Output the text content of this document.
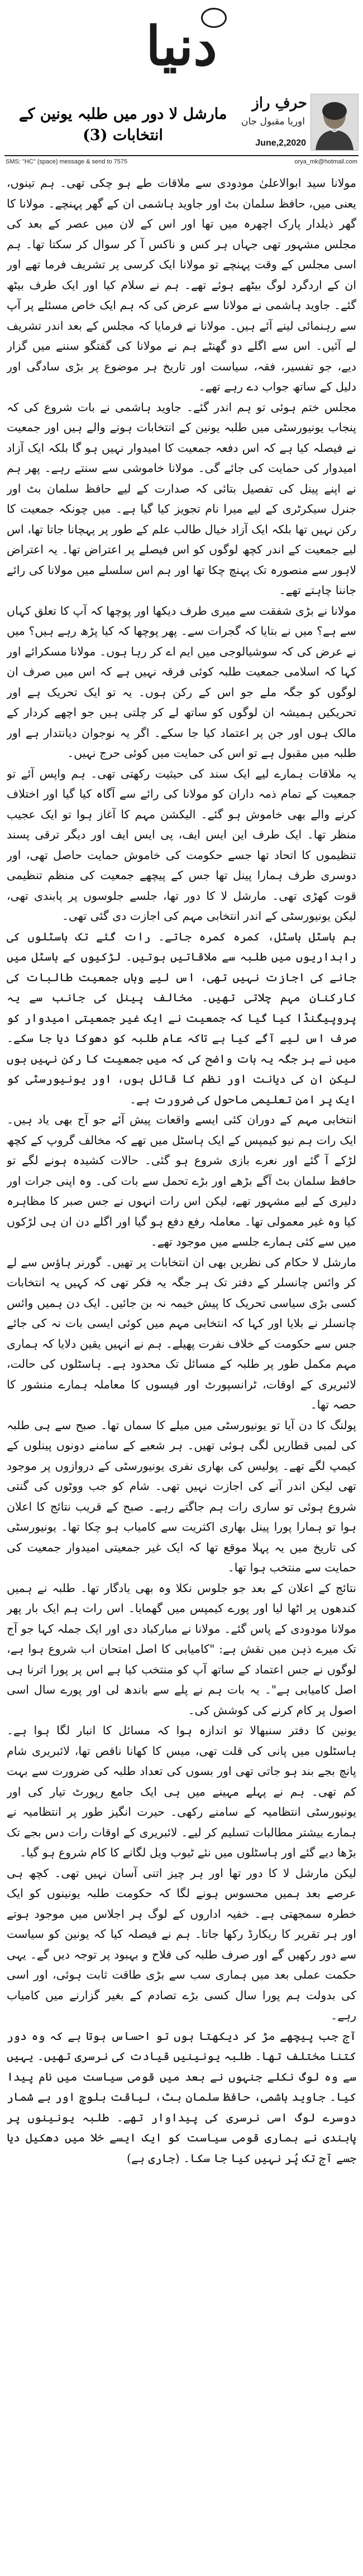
دنیا
حرفِ راز
اوریا مقبول جان
مارشل لا دور میں طلبہ یونین کے انتخابات (3)	June,2,2020
SMS: "HC" (space) message & send to 7575	orya_mk@hotmail.com

مولانا سید ابوالاعلیٰ مودودی سے ملاقات طے ہو چکی تھی۔ ہم تینوں، یعنی میں، حافظ سلمان بٹ اور جاوید ہاشمی ان کے گھر پہنچے۔ مولانا کا گھر ذیلدار پارک اچھرہ میں تھا اور اس کے لان میں عصر کے بعد کی مجلس مشہور تھی جہاں ہر کس و ناکس آ کر سوال کر سکتا تھا۔ ہم اسی مجلس کے وقت پہنچے تو مولانا ایک کرسی پر تشریف فرما تھے اور ان کے اردگرد لوگ بیٹھے ہوئے تھے۔ ہم نے سلام کیا اور ایک طرف بیٹھ گئے۔ جاوید ہاشمی نے مولانا سے عرض کی کہ ہم ایک خاص مسئلے پر آپ سے رہنمائی لینے آئے ہیں۔ مولانا نے فرمایا کہ مجلس کے بعد اندر تشریف لے آئیں۔ اس سے اگلے دو گھنٹے ہم نے مولانا کی گفتگو سننے میں گزار دیے، جو تفسیر، فقہ، سیاست اور تاریخ ہر موضوع پر بڑی سادگی اور دلیل کے ساتھ جواب دے رہے تھے۔

مجلس ختم ہوئی تو ہم اندر گئے۔ جاوید ہاشمی نے بات شروع کی کہ پنجاب یونیورسٹی میں طلبہ یونین کے انتخابات ہونے والے ہیں اور جمعیت نے فیصلہ کیا ہے کہ اس دفعہ جمعیت کا امیدوار نہیں ہو گا بلکہ ایک آزاد امیدوار کی حمایت کی جائے گی۔ مولانا خاموشی سے سنتے رہے۔ پھر ہم نے اپنے پینل کی تفصیل بتائی کہ صدارت کے لیے حافظ سلمان بٹ اور جنرل سیکرٹری کے لیے میرا نام تجویز کیا گیا ہے۔ میں چونکہ جمعیت کا رکن نہیں تھا بلکہ ایک آزاد خیال طالب علم کے طور پر پہچانا جاتا تھا، اس لیے جمعیت کے اندر کچھ لوگوں کو اس فیصلے پر اعتراض تھا۔ یہ اعتراض لاہور سے منصورہ تک پہنچ چکا تھا اور ہم اس سلسلے میں مولانا کی رائے جاننا چاہتے تھے۔

مولانا نے بڑی شفقت سے میری طرف دیکھا اور پوچھا کہ آپ کا تعلق کہاں سے ہے؟ میں نے بتایا کہ گجرات سے۔ پھر پوچھا کہ کیا پڑھ رہے ہیں؟ میں نے عرض کی کہ سوشیالوجی میں ایم اے کر رہا ہوں۔ مولانا مسکرائے اور کہا کہ اسلامی جمعیت طلبہ کوئی فرقہ نہیں ہے کہ اس میں صرف ان لوگوں کو جگہ ملے جو اس کے رکن ہوں۔ یہ تو ایک تحریک ہے اور تحریکیں ہمیشہ ان لوگوں کو ساتھ لے کر چلتی ہیں جو اچھے کردار کے مالک ہوں اور جن پر اعتماد کیا جا سکے۔ اگر یہ نوجوان دیانتدار ہے اور طلبہ میں مقبول ہے تو اس کی حمایت میں کوئی حرج نہیں۔

یہ ملاقات ہمارے لیے ایک سند کی حیثیت رکھتی تھی۔ ہم واپس آئے تو جمعیت کے تمام ذمہ داران کو مولانا کی رائے سے آگاہ کیا گیا اور اختلاف کرنے والے بھی خاموش ہو گئے۔ الیکشن مہم کا آغاز ہوا تو ایک عجیب منظر تھا۔ ایک طرف این ایس ایف، پی ایس ایف اور دیگر ترقی پسند تنظیموں کا اتحاد تھا جسے حکومت کی خاموش حمایت حاصل تھی، اور دوسری طرف ہمارا پینل تھا جس کے پیچھے جمعیت کی منظم تنظیمی قوت کھڑی تھی۔ مارشل لا کا دور تھا، جلسے جلوسوں پر پابندی تھی، لیکن یونیورسٹی کے اندر انتخابی مہم کی اجازت دی گئی تھی۔

ہم ہاسٹل ہاسٹل، کمرہ کمرہ جاتے۔ رات گئے تک ہاسٹلوں کی راہداریوں میں طلبہ سے ملاقاتیں ہوتیں۔ لڑکیوں کے ہاسٹل میں جانے کی اجازت نہیں تھی، اس لیے وہاں جمعیت طالبات کی کارکنان مہم چلاتی تھیں۔ مخالف پینل کی جانب سے یہ پروپیگنڈا کیا گیا کہ جمعیت نے ایک غیر جمعیتی امیدوار کو صرف اس لیے آگے کیا ہے تاکہ عام طلبہ کو دھوکا دیا جا سکے۔ میں نے ہر جگہ یہ بات واضح کی کہ میں جمعیت کا رکن نہیں ہوں لیکن ان کی دیانت اور نظم کا قائل ہوں، اور یونیورسٹی کو ایک پر امن تعلیمی ماحول کی ضرورت ہے۔

انتخابی مہم کے دوران کئی ایسے واقعات پیش آئے جو آج بھی یاد ہیں۔ ایک رات ہم نیو کیمپس کے ایک ہاسٹل میں تھے کہ مخالف گروپ کے کچھ لڑکے آ گئے اور نعرے بازی شروع ہو گئی۔ حالات کشیدہ ہونے لگے تو حافظ سلمان بٹ آگے بڑھے اور بڑے تحمل سے بات کی۔ وہ اپنی جرات اور دلیری کے لیے مشہور تھے، لیکن اس رات انہوں نے جس صبر کا مظاہرہ کیا وہ غیر معمولی تھا۔ معاملہ رفع دفع ہو گیا اور اگلے دن ان ہی لڑکوں میں سے کئی ہمارے جلسے میں موجود تھے۔

مارشل لا حکام کی نظریں بھی ان انتخابات پر تھیں۔ گورنر ہاؤس سے لے کر وائس چانسلر کے دفتر تک ہر جگہ یہ فکر تھی کہ کہیں یہ انتخابات کسی بڑی سیاسی تحریک کا پیش خیمہ نہ بن جائیں۔ ایک دن ہمیں وائس چانسلر نے بلایا اور کہا کہ انتخابی مہم میں کوئی ایسی بات نہ کی جائے جس سے حکومت کے خلاف نفرت پھیلے۔ ہم نے انہیں یقین دلایا کہ ہماری مہم مکمل طور پر طلبہ کے مسائل تک محدود ہے۔ ہاسٹلوں کی حالت، لائبریری کے اوقات، ٹرانسپورٹ اور فیسوں کا معاملہ ہمارے منشور کا حصہ تھا۔

پولنگ کا دن آیا تو یونیورسٹی میں میلے کا سماں تھا۔ صبح سے ہی طلبہ کی لمبی قطاریں لگی ہوئی تھیں۔ ہر شعبے کے سامنے دونوں پینلوں کے کیمپ لگے تھے۔ پولیس کی بھاری نفری یونیورسٹی کے دروازوں پر موجود تھی لیکن اندر آنے کی اجازت نہیں تھی۔ شام کو جب ووٹوں کی گنتی شروع ہوئی تو ساری رات ہم جاگتے رہے۔ صبح کے قریب نتائج کا اعلان ہوا تو ہمارا پورا پینل بھاری اکثریت سے کامیاب ہو چکا تھا۔ یونیورسٹی کی تاریخ میں یہ پہلا موقع تھا کہ ایک غیر جمعیتی امیدوار جمعیت کی حمایت سے منتخب ہوا تھا۔

نتائج کے اعلان کے بعد جو جلوس نکلا وہ بھی یادگار تھا۔ طلبہ نے ہمیں کندھوں پر اٹھا لیا اور پورے کیمپس میں گھمایا۔ اس رات ہم ایک بار پھر مولانا مودودی کے پاس گئے۔ مولانا نے مبارکباد دی اور ایک جملہ کہا جو آج تک میرے ذہن میں نقش ہے: "کامیابی کا اصل امتحان اب شروع ہوا ہے، لوگوں نے جس اعتماد کے ساتھ آپ کو منتخب کیا ہے اس پر پورا اترنا ہی اصل کامیابی ہے"۔ یہ بات ہم نے پلے سے باندھ لی اور پورے سال اسی اصول پر کام کرنے کی کوشش کی۔

یونین کا دفتر سنبھالا تو اندازہ ہوا کہ مسائل کا انبار لگا ہوا ہے۔ ہاسٹلوں میں پانی کی قلت تھی، میس کا کھانا ناقص تھا، لائبریری شام پانچ بجے بند ہو جاتی تھی اور بسوں کی تعداد طلبہ کی ضرورت سے بہت کم تھی۔ ہم نے پہلے مہینے میں ہی ایک جامع رپورٹ تیار کی اور یونیورسٹی انتظامیہ کے سامنے رکھی۔ حیرت انگیز طور پر انتظامیہ نے ہمارے بیشتر مطالبات تسلیم کر لیے۔ لائبریری کے اوقات رات دس بجے تک بڑھا دیے گئے اور ہاسٹلوں میں نئے ٹیوب ویل لگانے کا کام شروع ہو گیا۔

لیکن مارشل لا کا دور تھا اور ہر چیز اتنی آسان نہیں تھی۔ کچھ ہی عرصے بعد ہمیں محسوس ہونے لگا کہ حکومت طلبہ یونینوں کو ایک خطرہ سمجھتی ہے۔ خفیہ اداروں کے لوگ ہر اجلاس میں موجود ہوتے اور ہر تقریر کا ریکارڈ رکھا جاتا۔ ہم نے فیصلہ کیا کہ یونین کو سیاست سے دور رکھیں گے اور صرف طلبہ کی فلاح و بہبود پر توجہ دیں گے۔ یہی حکمت عملی بعد میں ہماری سب سے بڑی طاقت ثابت ہوئی، اور اسی کی بدولت ہم پورا سال کسی بڑے تصادم کے بغیر گزارنے میں کامیاب رہے۔

آج جب پیچھے مڑ کر دیکھتا ہوں تو احساس ہوتا ہے کہ وہ دور کتنا مختلف تھا۔ طلبہ یونینیں قیادت کی نرسری تھیں۔ یہیں سے وہ لوگ نکلے جنہوں نے بعد میں قومی سیاست میں نام پیدا کیا۔ جاوید ہاشمی، حافظ سلمان بٹ، لیاقت بلوچ اور بے شمار دوسرے لوگ اسی نرسری کی پیداوار تھے۔ طلبہ یونینوں پر پابندی نے ہماری قومی سیاست کو ایک ایسے خلا میں دھکیل دیا جسے آج تک پُر نہیں کیا جا سکا۔ (جاری ہے)
